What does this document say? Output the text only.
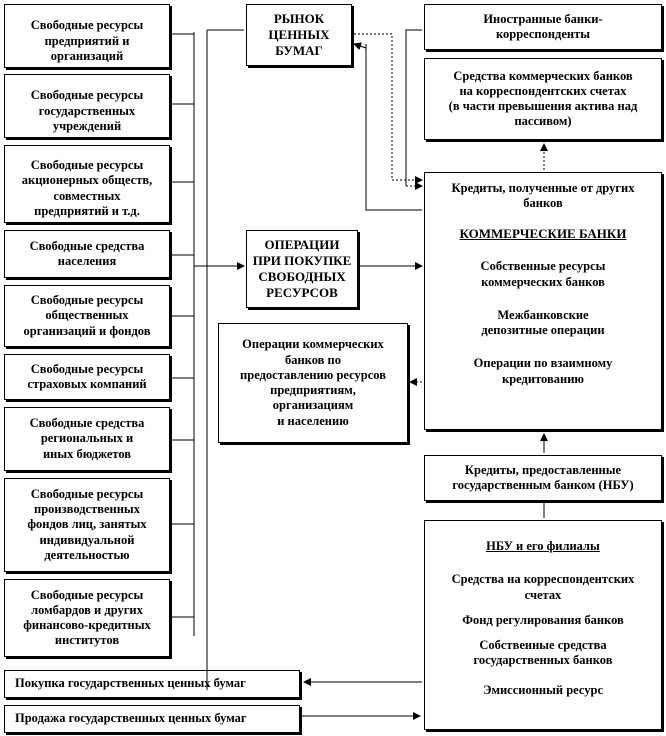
Свободные ресурсы
предприятий и
организаций
Свободные ресурсы
государственных
учреждений
Свободные ресурсы
акционерных обществ,
совместных
предприятий и т.д.
Свободные средства
населения
Свободные ресурсы
общественных
организаций и фондов
Свободные ресурсы
страховых компаний
Свободные средства
региональных и
иных бюджетов
Свободные ресурсы
производственных
фондов лиц, занятых
индивидуальной
деятельностью
Свободные ресурсы
ломбардов и других
финансово-кредитных
институтов
РЫНОК
ЦЕННЫХ
БУМАГ
ОПЕРАЦИИ
ПРИ ПОКУПКЕ
СВОБОДНЫХ
РЕСУРСОВ
Операции коммерческих
банков по
предоставлению ресурсов
предприятиям,
организациям
и населению
Иностранные банки-
корреспонденты
Средства коммерческих банков
на корреспондентских счетах
(в части превышения актива над
пассивом)
Кредиты, полученные от других
банков
КОММЕРЧЕСКИЕ БАНКИ
Собственные ресурсы
коммерческих банков
Межбанковские
депозитные операции
Операции по взаимному
кредитованию
Кредиты, предоставленные
государственным банком (НБУ)
НБУ и его филиалы
Средства на корреспондентских
счетах
Фонд регулирования банков
Собственные средства
государственных банков
Эмиссионный ресурс
Покупка государственных ценных бумаг
Продажа государственных ценных бумаг
